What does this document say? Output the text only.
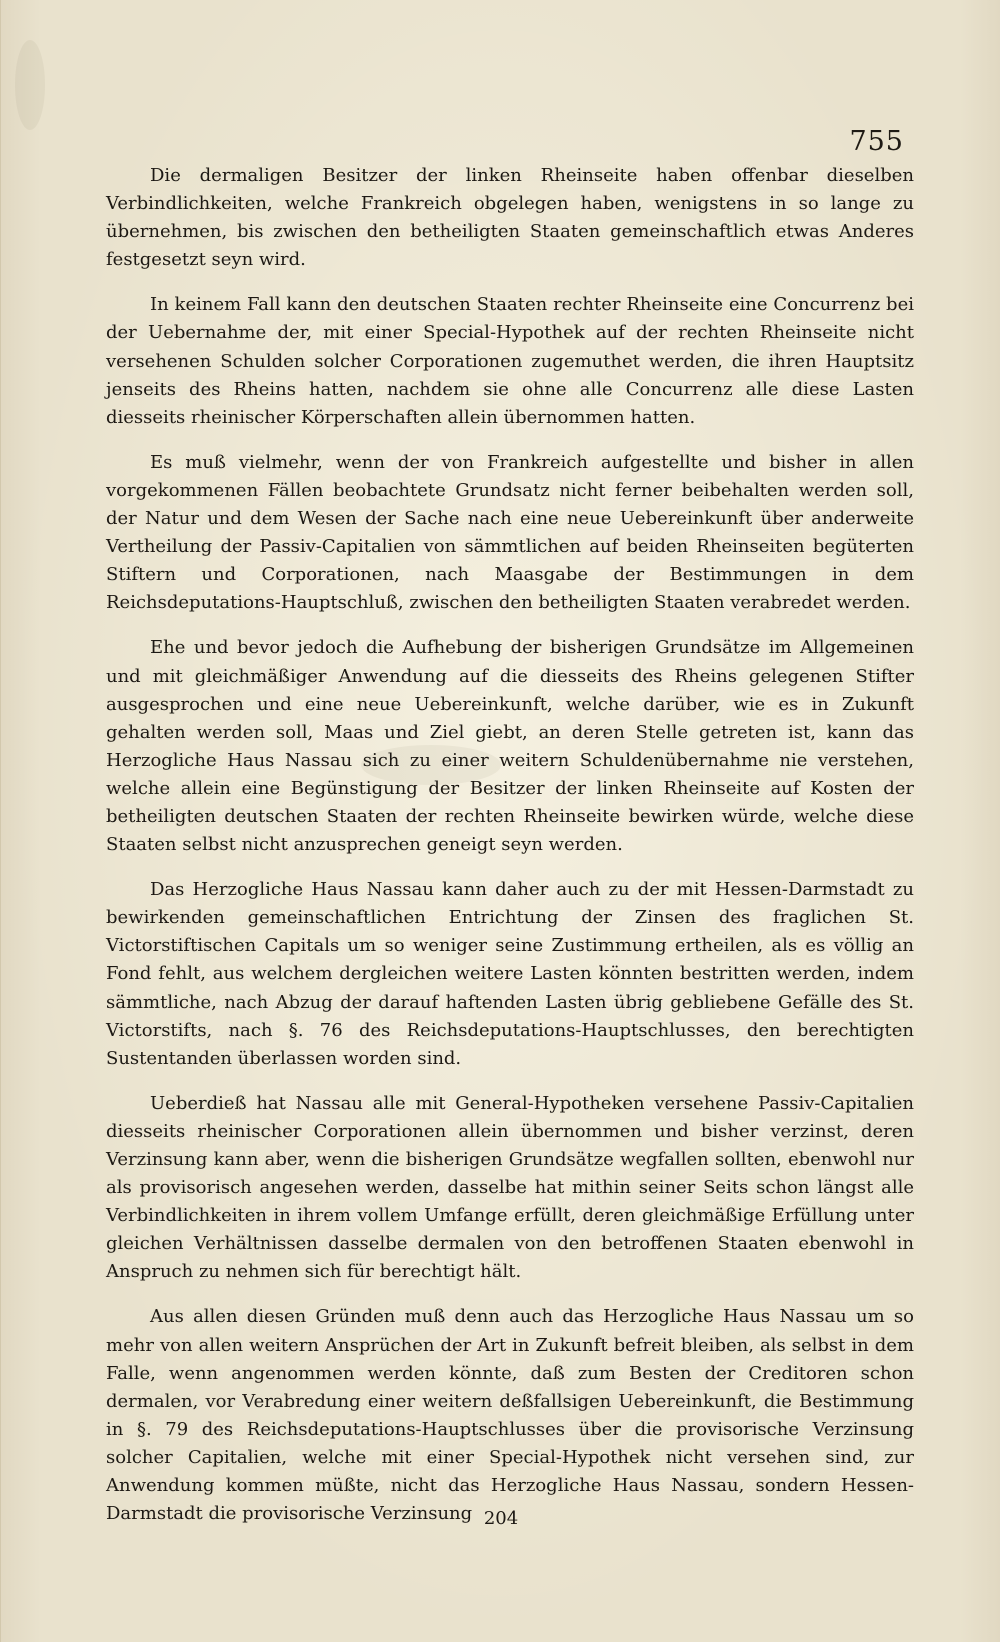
755

Die dermaligen Besitzer der linken Rheinseite haben offenbar dieselben Verbindlichkeiten, welche Frankreich obgelegen haben, wenigstens in so lange zu übernehmen, bis zwischen den betheiligten Staaten gemeinschaftlich etwas Anderes festgesetzt seyn wird.

In keinem Fall kann den deutschen Staaten rechter Rheinseite eine Concurrenz bei der Uebernahme der, mit einer Special-Hypothek auf der rechten Rheinseite nicht versehenen Schulden solcher Corporationen zugemuthet werden, die ihren Hauptsitz jenseits des Rheins hatten, nachdem sie ohne alle Concurrenz alle diese Lasten diesseits rheinischer Körperschaften allein übernommen hatten.

Es muß vielmehr, wenn der von Frankreich aufgestellte und bisher in allen vorgekommenen Fällen beobachtete Grundsatz nicht ferner beibehalten werden soll, der Natur und dem Wesen der Sache nach eine neue Uebereinkunft über anderweite Vertheilung der Passiv-Capitalien von sämmtlichen auf beiden Rheinseiten begüterten Stiftern und Corporationen, nach Maasgabe der Bestimmungen in dem Reichsdeputations-Hauptschluß, zwischen den betheiligten Staaten verabredet werden.

Ehe und bevor jedoch die Aufhebung der bisherigen Grundsätze im Allgemeinen und mit gleichmäßiger Anwendung auf die diesseits des Rheins gelegenen Stifter ausgesprochen und eine neue Uebereinkunft, welche darüber, wie es in Zukunft gehalten werden soll, Maas und Ziel giebt, an deren Stelle getreten ist, kann das Herzogliche Haus Nassau sich zu einer weitern Schuldenübernahme nie verstehen, welche allein eine Begünstigung der Besitzer der linken Rheinseite auf Kosten der betheiligten deutschen Staaten der rechten Rheinseite bewirken würde, welche diese Staaten selbst nicht anzusprechen geneigt seyn werden.

Das Herzogliche Haus Nassau kann daher auch zu der mit Hessen-Darmstadt zu bewirkenden gemeinschaftlichen Entrichtung der Zinsen des fraglichen St. Victorstiftischen Capitals um so weniger seine Zustimmung ertheilen, als es völlig an Fond fehlt, aus welchem dergleichen weitere Lasten könnten bestritten werden, indem sämmtliche, nach Abzug der darauf haftenden Lasten übrig gebliebene Gefälle des St. Victorstifts, nach §. 76 des Reichsdeputations-Hauptschlusses, den berechtigten Sustentanden überlassen worden sind.

Ueberdieß hat Nassau alle mit General-Hypotheken versehene Passiv-Capitalien diesseits rheinischer Corporationen allein übernommen und bisher verzinst, deren Verzinsung kann aber, wenn die bisherigen Grundsätze wegfallen sollten, ebenwohl nur als provisorisch angesehen werden, dasselbe hat mithin seiner Seits schon längst alle Verbindlichkeiten in ihrem vollem Umfange erfüllt, deren gleichmäßige Erfüllung unter gleichen Verhältnissen dasselbe dermalen von den betroffenen Staaten ebenwohl in Anspruch zu nehmen sich für berechtigt hält.

Aus allen diesen Gründen muß denn auch das Herzogliche Haus Nassau um so mehr von allen weitern Ansprüchen der Art in Zukunft befreit bleiben, als selbst in dem Falle, wenn angenommen werden könnte, daß zum Besten der Creditoren schon dermalen, vor Verabredung einer weitern deßfallsigen Uebereinkunft, die Bestimmung in §. 79 des Reichsdeputations-Hauptschlusses über die provisorische Verzinsung solcher Capitalien, welche mit einer Special-Hypothek nicht versehen sind, zur Anwendung kommen müßte, nicht das Herzogliche Haus Nassau, sondern Hessen-Darmstadt die provisorische Verzinsung 204
